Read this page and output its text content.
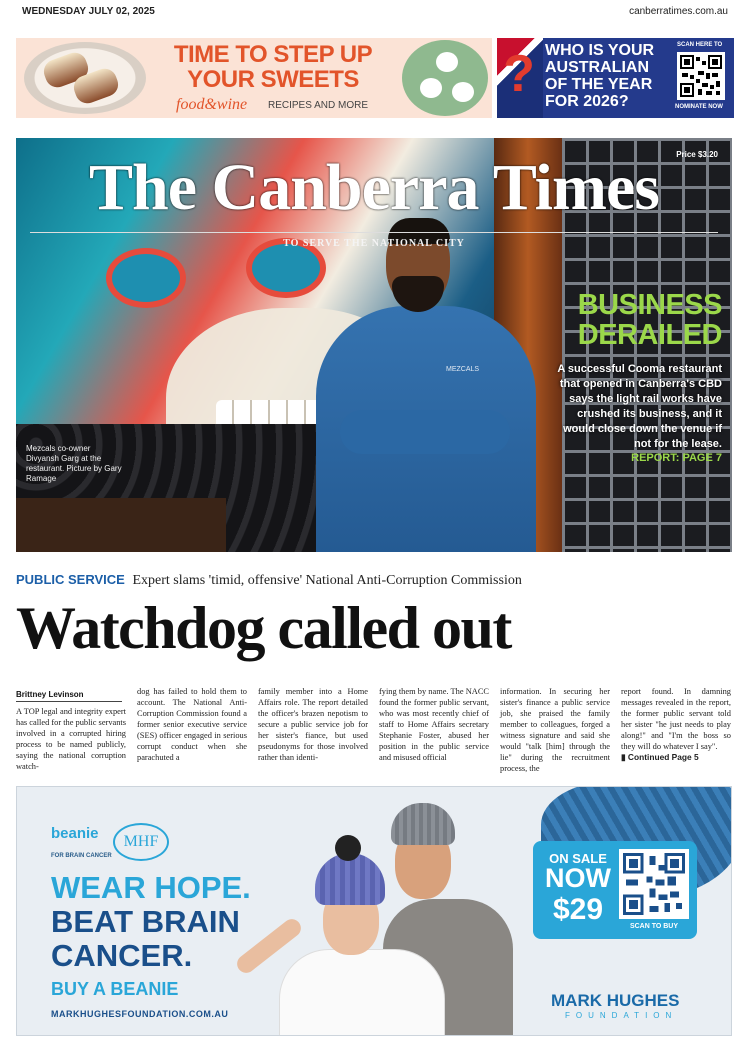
WEDNESDAY JULY 02, 2025	canberratimes.com.au
TIME TO STEP UP
YOUR SWEETS
food&wine RECIPES AND MORE
? WHO IS YOUR
AUSTRALIAN
OF THE YEAR
FOR 2026?
SCAN HERE TO
NOMINATE NOW
MEZCALS
The Canberra Times	Price $3.20
TO SERVE THE NATIONAL CITY
BUSINESS
DERAILED
A successful Cooma restaurant that opened in Canberra's CBD says the light rail works have crushed its business, and it would close down the venue if not for the lease.
REPORT: PAGE 7
Mezcals co-owner Divyansh Garg at the restaurant. Picture by Gary Ramage
PUBLIC SERVICE Expert slams 'timid, offensive' National Anti-Corruption Commission
Watchdog called out
Brittney Levinson
A TOP legal and integrity expert has called for the public servants involved in a corrupted hiring process to be named publicly, saying the national corruption watch-
dog has failed to hold them to account. The National Anti-Corruption Commission found a former senior executive service (SES) officer engaged in serious corrupt conduct when she parachuted a
family member into a Home Affairs role. The report detailed the officer's brazen nepotism to secure a public service job for her sister's fiance, but used pseudonyms for those involved rather than identi-
fying them by name. The NACC found the former public servant, who was most recently chief of staff to Home Affairs secretary Stephanie Foster, abused her position in the public service and misused official
information. In securing her sister's finance a public service job, she praised the family member to colleagues, forged a witness signature and said she would "talk [him] through the lie" during the recruitment process, the
report found. In damning messages revealed in the report, the former public servant told her sister "he just needs to play along!" and "I'm the boss so they will do whatever I say".
▮ Continued Page 5
beanie
FOR BRAIN CANCER
MHF
WEAR HOPE.
BEAT BRAIN
CANCER.
BUY A BEANIE
MARKHUGHESFOUNDATION.COM.AU
ON SALE
NOW
$29
SCAN TO BUY
MARK HUGHES
FOUNDATION
